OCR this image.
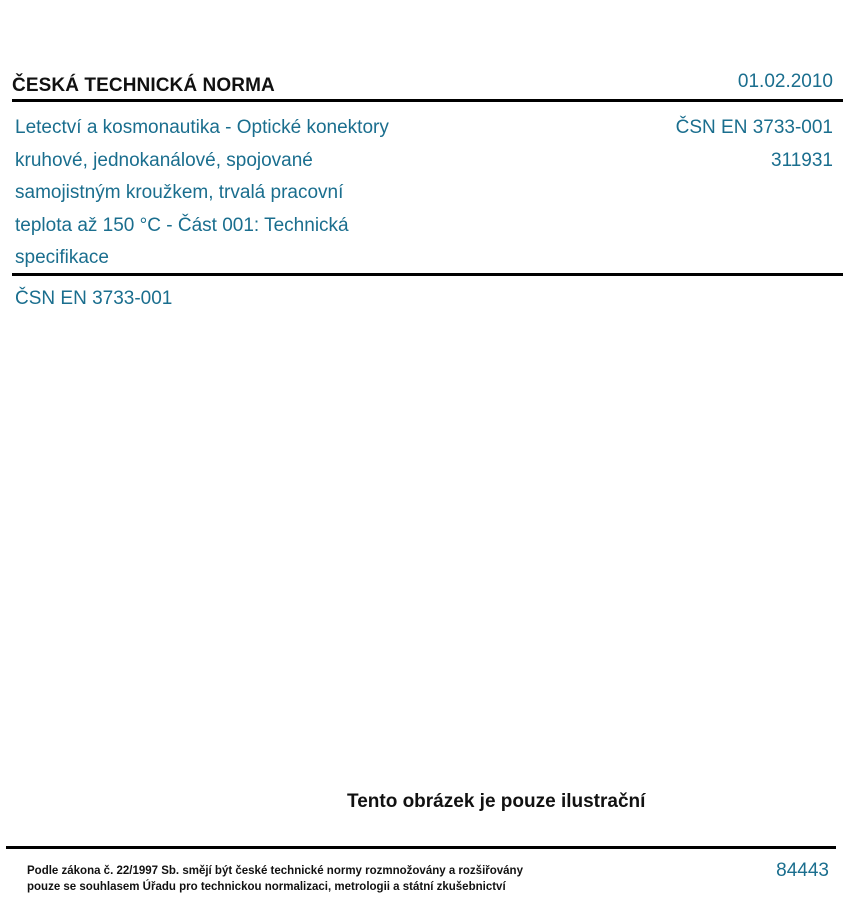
ČESKÁ TECHNICKÁ NORMA	01.02.2010
Letectví a kosmonautika - Optické konektory
kruhové, jednokanálové, spojované
samojistným kroužkem, trvalá pracovní
teplota až 150 °C - Část 001: Technická
specifikace
ČSN EN 3733-001
311931
ČSN EN 3733-001
Tento obrázek je pouze ilustrační
Podle zákona č. 22/1997 Sb. smějí být české technické normy rozmnožovány a rozšiřovány
pouze se souhlasem Úřadu pro technickou normalizaci, metrologii a státní zkušebnictví
84443
